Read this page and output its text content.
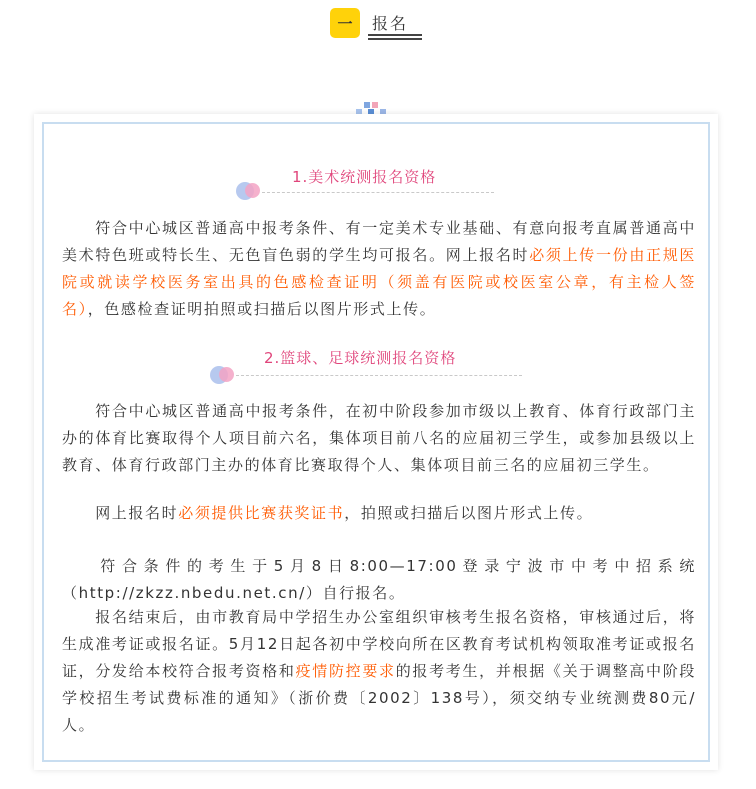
一	报名
1.美术统测报名资格

  符合中心城区普通高中报考条件、有一定美术专业基础、有意向报考直属普通高中美术特色班或特长生、无色盲色弱的学生均可报名。网上报名时必须上传一份由正规医院或就读学校医务室出具的色感检查证明（须盖有医院或校医室公章，有主检人签名），色感检查证明拍照或扫描后以图片形式上传。

2.篮球、足球统测报名资格

  符合中心城区普通高中报考条件，在初中阶段参加市级以上教育、体育行政部门主办的体育比赛取得个人项目前六名，集体项目前八名的应届初三学生，或参加县级以上教育、体育行政部门主办的体育比赛取得个人、集体项目前三名的应届初三学生。

  网上报名时必须提供比赛获奖证书，拍照或扫描后以图片形式上传。

  符合条件的考生于5月8日8:00—17:00登录宁波市中考中招系统（http://zkzz.nbedu.net.cn/）自行报名。

  报名结束后，由市教育局中学招生办公室组织审核考生报名资格，审核通过后，将生成准考证或报名证。5月12日起各初中学校向所在区教育考试机构领取准考证或报名证，分发给本校符合报考资格和疫情防控要求的报考考生，并根据《关于调整高中阶段学校招生考试费标准的通知》（浙价费〔2002〕138号），须交纳专业统测费80元/人。
